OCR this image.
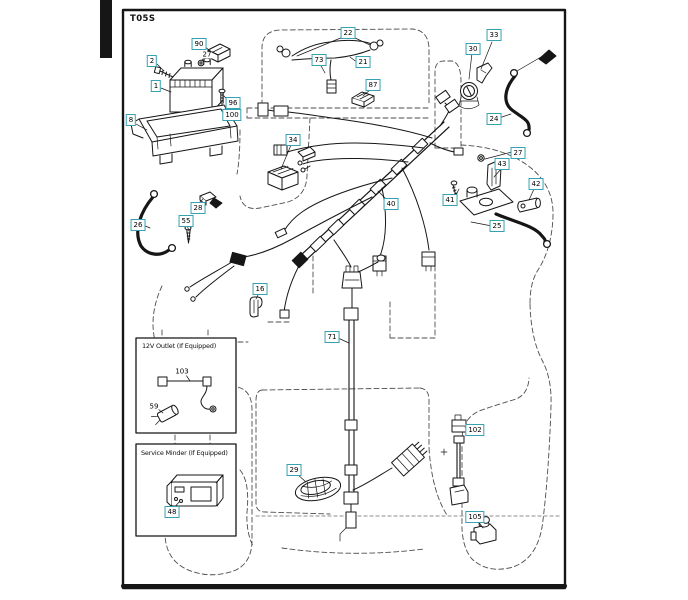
T05S
12V Outlet (If Equipped)
Service Minder (If Equipped)
90
2
27
1
8
96
100
22
73	21
87
30
33
24
27
43
41
42
25
26	55
28
16
34
40
71
29
102
105
48
103
59
